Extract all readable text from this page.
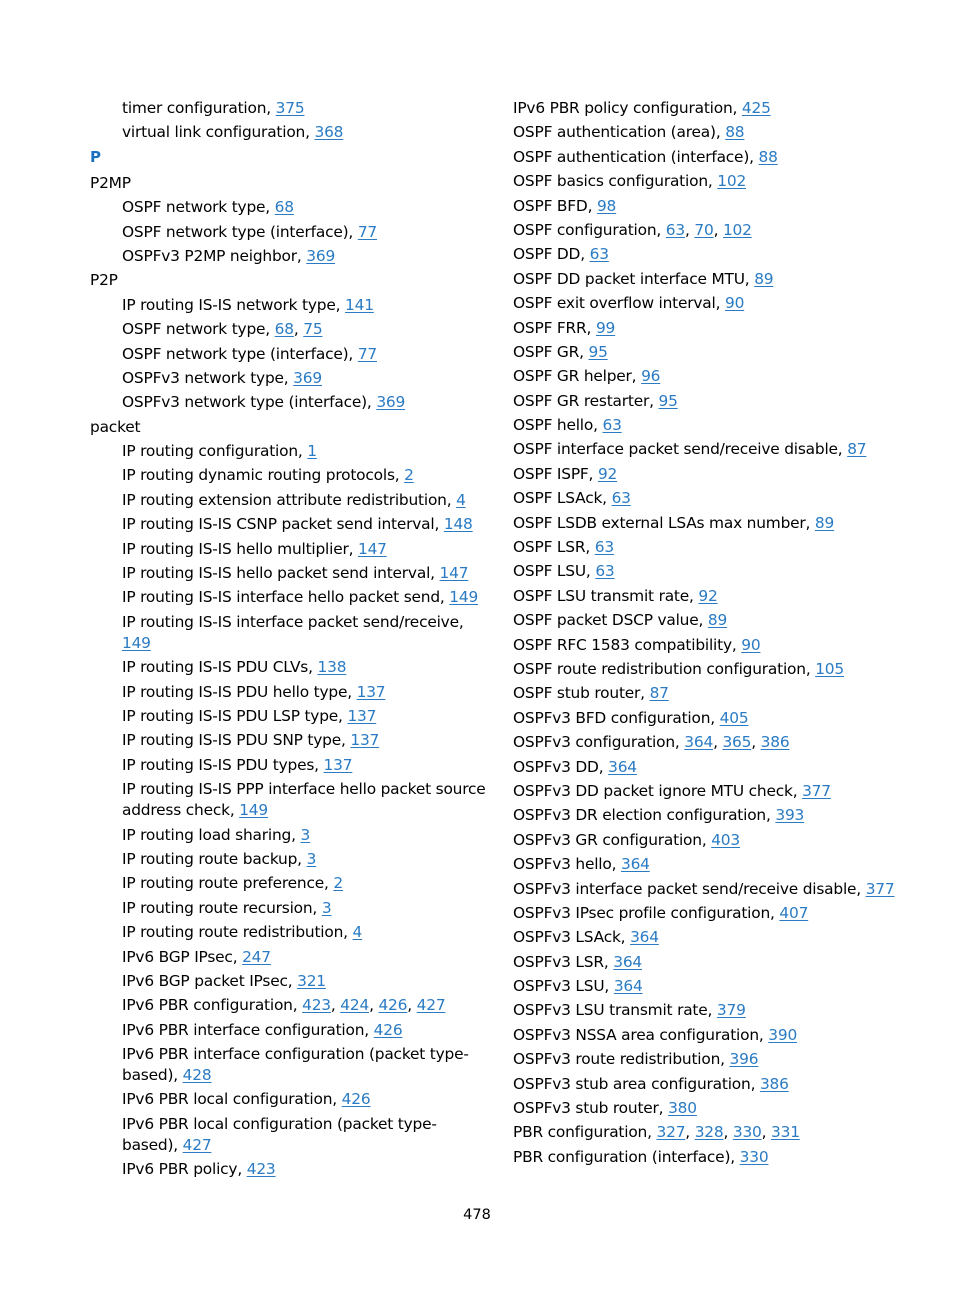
timer configuration, 375
virtual link configuration, 368
P
P2MP
OSPF network type, 68
OSPF network type (interface), 77
OSPFv3 P2MP neighbor, 369
P2P
IP routing IS-IS network type, 141
OSPF network type, 68, 75
OSPF network type (interface), 77
OSPFv3 network type, 369
OSPFv3 network type (interface), 369
packet
IP routing configuration, 1
IP routing dynamic routing protocols, 2
IP routing extension attribute redistribution, 4
IP routing IS-IS CSNP packet send interval, 148
IP routing IS-IS hello multiplier, 147
IP routing IS-IS hello packet send interval, 147
IP routing IS-IS interface hello packet send, 149
IP routing IS-IS interface packet send/receive, 149
IP routing IS-IS PDU CLVs, 138
IP routing IS-IS PDU hello type, 137
IP routing IS-IS PDU LSP type, 137
IP routing IS-IS PDU SNP type, 137
IP routing IS-IS PDU types, 137
IP routing IS-IS PPP interface hello packet source address check, 149
IP routing load sharing, 3
IP routing route backup, 3
IP routing route preference, 2
IP routing route recursion, 3
IP routing route redistribution, 4
IPv6 BGP IPsec, 247
IPv6 BGP packet IPsec, 321
IPv6 PBR configuration, 423, 424, 426, 427
IPv6 PBR interface configuration, 426
IPv6 PBR interface configuration (packet type-based), 428
IPv6 PBR local configuration, 426
IPv6 PBR local configuration (packet type-based), 427
IPv6 PBR policy, 423
IPv6 PBR policy configuration, 425
OSPF authentication (area), 88
OSPF authentication (interface), 88
OSPF basics configuration, 102
OSPF BFD, 98
OSPF configuration, 63, 70, 102
OSPF DD, 63
OSPF DD packet interface MTU, 89
OSPF exit overflow interval, 90
OSPF FRR, 99
OSPF GR, 95
OSPF GR helper, 96
OSPF GR restarter, 95
OSPF hello, 63
OSPF interface packet send/receive disable, 87
OSPF ISPF, 92
OSPF LSAck, 63
OSPF LSDB external LSAs max number, 89
OSPF LSR, 63
OSPF LSU, 63
OSPF LSU transmit rate, 92
OSPF packet DSCP value, 89
OSPF RFC 1583 compatibility, 90
OSPF route redistribution configuration, 105
OSPF stub router, 87
OSPFv3 BFD configuration, 405
OSPFv3 configuration, 364, 365, 386
OSPFv3 DD, 364
OSPFv3 DD packet ignore MTU check, 377
OSPFv3 DR election configuration, 393
OSPFv3 GR configuration, 403
OSPFv3 hello, 364
OSPFv3 interface packet send/receive disable, 377
OSPFv3 IPsec profile configuration, 407
OSPFv3 LSAck, 364
OSPFv3 LSR, 364
OSPFv3 LSU, 364
OSPFv3 LSU transmit rate, 379
OSPFv3 NSSA area configuration, 390
OSPFv3 route redistribution, 396
OSPFv3 stub area configuration, 386
OSPFv3 stub router, 380
PBR configuration, 327, 328, 330, 331
PBR configuration (interface), 330
478
